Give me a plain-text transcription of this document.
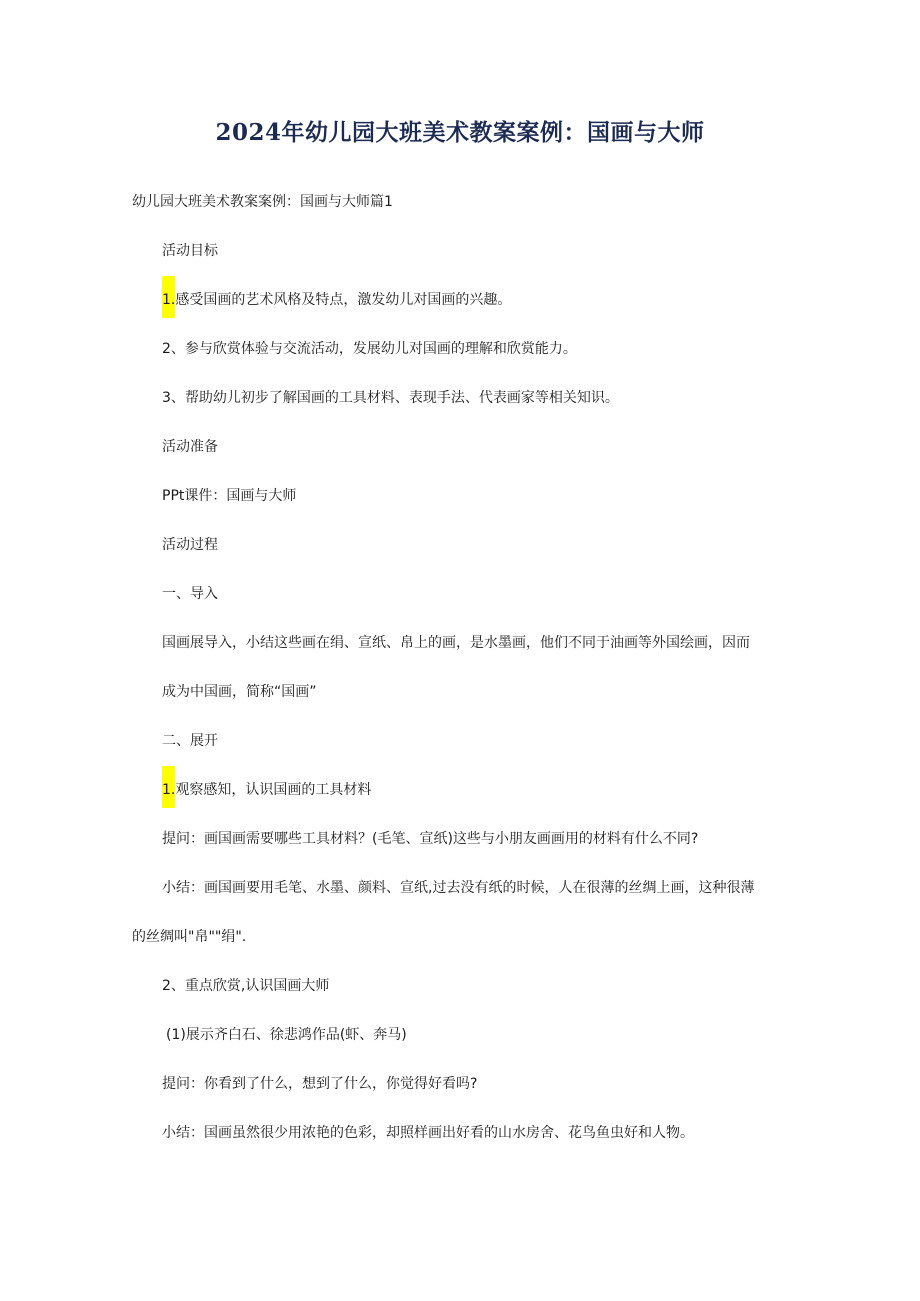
2024年幼儿园大班美术教案案例：国画与大师
幼儿园大班美术教案案例：国画与大师篇1
活动目标
1.感受国画的艺术风格及特点，激发幼儿对国画的兴趣。
2、参与欣赏体验与交流活动，发展幼儿对国画的理解和欣赏能力。
3、帮助幼儿初步了解国画的工具材料、表现手法、代表画家等相关知识。
活动准备
PPt课件：国画与大师
活动过程
一、导入
国画展导入，小结这些画在绢、宣纸、帛上的画，是水墨画，他们不同于油画等外国绘画，因而
成为中国画，简称“国画”
二、展开
1.观察感知，认识国画的工具材料
提问：画国画需要哪些工具材料？(毛笔、宣纸)这些与小朋友画画用的材料有什么不同?
小结：画国画要用毛笔、水墨、颜料、宣纸,过去没有纸的时候，人在很薄的丝绸上画，这种很薄
的丝绸叫"帛""绢".
2、重点欣赏,认识国画大师
(1)展示齐白石、徐悲鸿作品(虾、奔马)
提问：你看到了什么，想到了什么，你觉得好看吗?
小结：国画虽然很少用浓艳的色彩，却照样画出好看的山水房舍、花鸟鱼虫好和人物。
